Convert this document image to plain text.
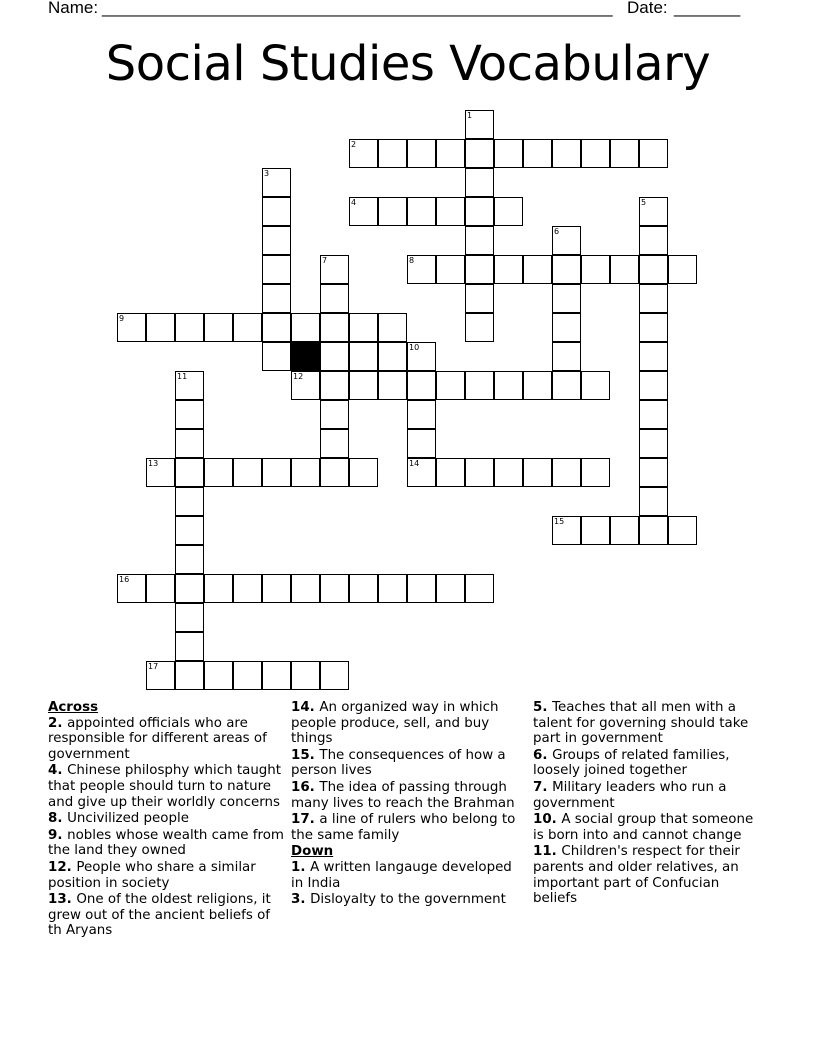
Name: ______________________________________________________ Date: _______
Social Studies Vocabulary
1
2
3
4	5
6
7	8
9
10
14
11	12
13
15
16
17
Across
2. appointed officials who are responsible for different areas of government
4. Chinese philosphy which taught that people should turn to nature and give up their worldly concerns
8. Uncivilized people
9. nobles whose wealth came from the land they owned
12. People who share a similar position in society
13. One of the oldest religions, it grew out of the ancient beliefs of th Aryans
14. An organized way in which people produce, sell, and buy things
15. The consequences of how a person lives
16. The idea of passing through many lives to reach the Brahman
17. a line of rulers who belong to the same family
Down
1. A written langauge developed in India
3. Disloyalty to the government
5. Teaches that all men with a talent for governing should take part in government
6. Groups of related families, loosely joined together
7. Military leaders who run a government
10. A social group that someone is born into and cannot change
11. Children's respect for their parents and older relatives, an important part of Confucian beliefs
